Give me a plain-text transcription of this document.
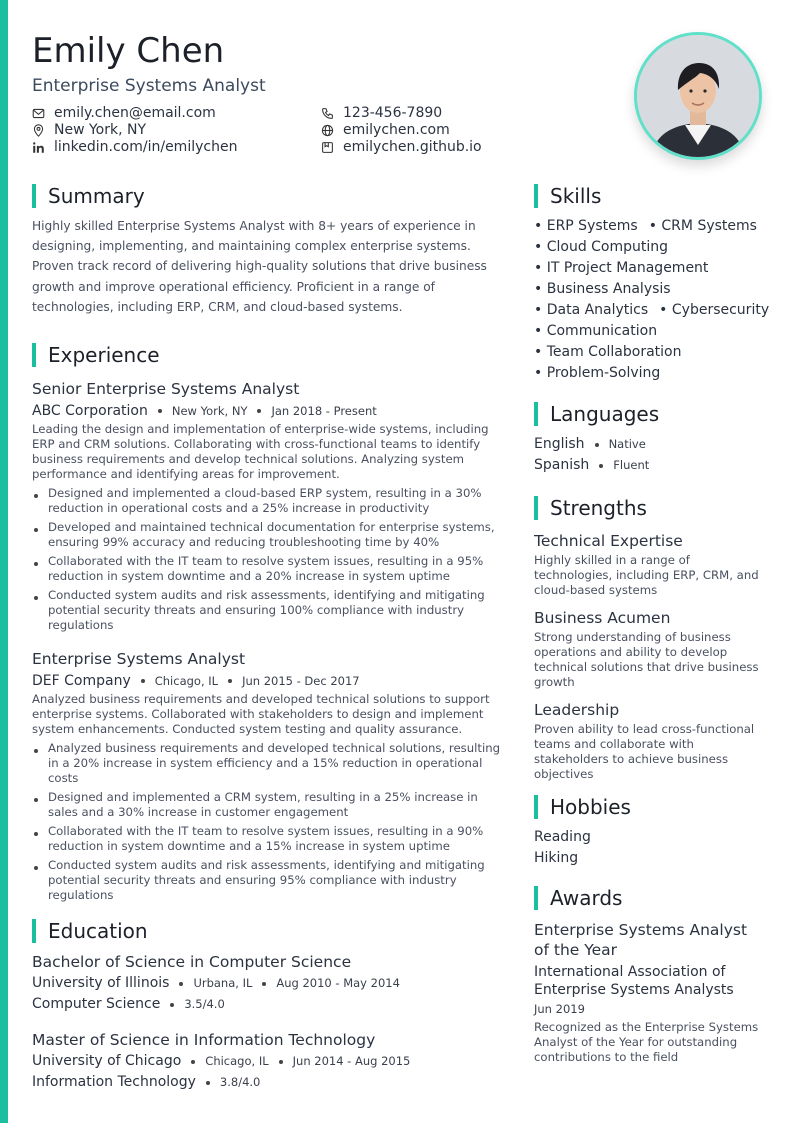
Emily Chen
Enterprise Systems Analyst
emily.chen@email.com	123-456-7890
New York, NY	emilychen.com
linkedin.com/in/emilychen	emilychen.github.io
Summary

Highly skilled Enterprise Systems Analyst with 8+ years of experience in designing, implementing, and maintaining complex enterprise systems. Proven track record of delivering high-quality solutions that drive business growth and improve operational efficiency. Proficient in a range of technologies, including ERP, CRM, and cloud-based systems.

Experience
Senior Enterprise Systems Analyst
ABC Corporation New York, NY Jan 2018 - Present

Leading the design and implementation of enterprise-wide systems, including ERP and CRM solutions. Collaborating with cross-functional teams to identify business requirements and develop technical solutions. Analyzing system performance and identifying areas for improvement.

Designed and implemented a cloud-based ERP system, resulting in a 30% reduction in operational costs and a 25% increase in productivity
Developed and maintained technical documentation for enterprise systems, ensuring 99% accuracy and reducing troubleshooting time by 40%
Collaborated with the IT team to resolve system issues, resulting in a 95% reduction in system downtime and a 20% increase in system uptime
Conducted system audits and risk assessments, identifying and mitigating potential security threats and ensuring 100% compliance with industry regulations
Enterprise Systems Analyst
DEF Company Chicago, IL Jun 2015 - Dec 2017

Analyzed business requirements and developed technical solutions to support enterprise systems. Collaborated with stakeholders to design and implement system enhancements. Conducted system testing and quality assurance.

Analyzed business requirements and developed technical solutions, resulting in a 20% increase in system efficiency and a 15% reduction in operational costs
Designed and implemented a CRM system, resulting in a 25% increase in sales and a 30% increase in customer engagement
Collaborated with the IT team to resolve system issues, resulting in a 90% reduction in system downtime and a 15% increase in system uptime
Conducted system audits and risk assessments, identifying and mitigating potential security threats and ensuring 95% compliance with industry regulations
Education
Bachelor of Science in Computer Science
University of Illinois Urbana, IL Aug 2010 - May 2014
Computer Science 3.5/4.0
Master of Science in Information Technology
University of Chicago Chicago, IL Jun 2014 - Aug 2015
Information Technology 3.8/4.0
Skills
• ERP Systems	• CRM Systems
• Cloud Computing
• IT Project Management
• Business Analysis
• Data Analytics	• Cybersecurity
• Communication
• Team Collaboration
• Problem-Solving
Languages
English Native
Spanish Fluent
Strengths
Technical Expertise
Highly skilled in a range of technologies, including ERP, CRM, and cloud-based systems
Business Acumen
Strong understanding of business operations and ability to develop technical solutions that drive business growth
Leadership
Proven ability to lead cross-functional teams and collaborate with stakeholders to achieve business objectives
Hobbies
Reading
Hiking
Awards
Enterprise Systems Analyst of the Year
International Association of Enterprise Systems Analysts
Jun 2019
Recognized as the Enterprise Systems Analyst of the Year for outstanding contributions to the field
